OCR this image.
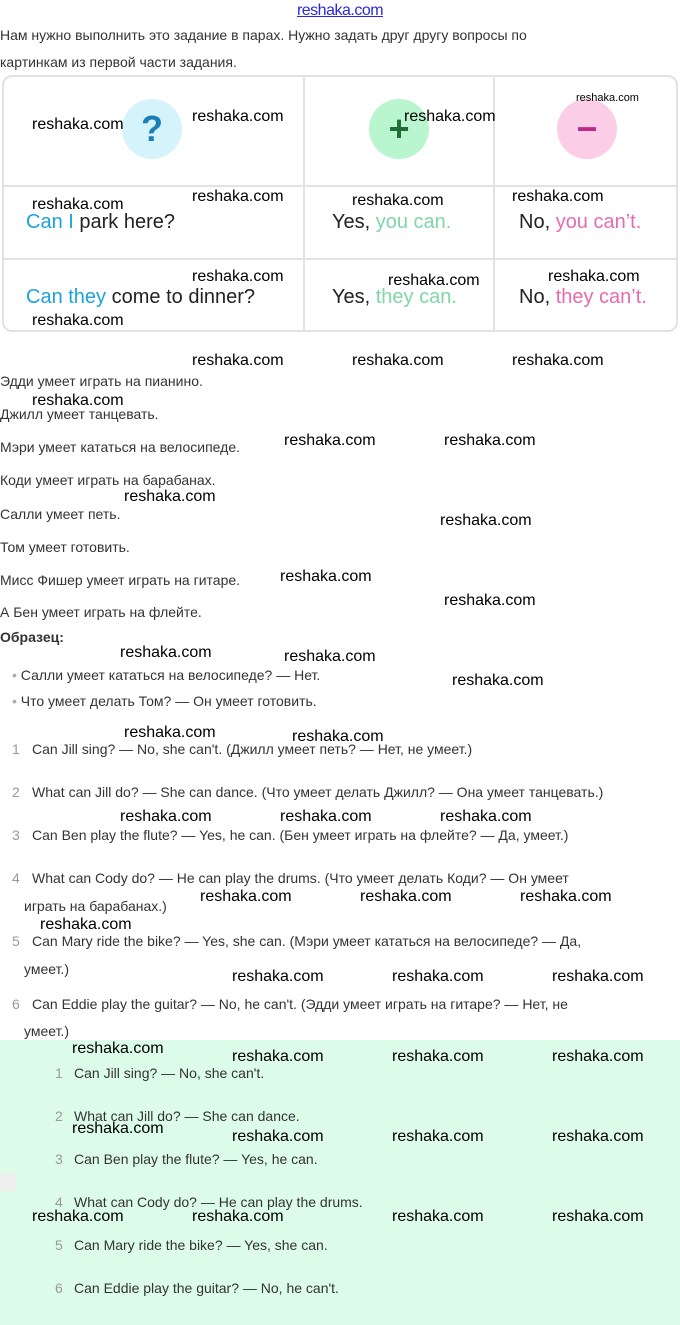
reshaka.com
Нам нужно выполнить это задание в парах. Нужно задать друг другу вопросы по
картинкам из первой части задания.
?	+	−
Can I park here?	Yes, you can.	No, you can’t.
Can they come to dinner?	Yes, they can.	No, they can’t.
Эдди умеет играть на пианино.
Джилл умеет танцевать.
Мэри умеет кататься на велосипеде.
Коди умеет играть на барабанах.
Салли умеет петь.
Том умеет готовить.
Мисс Фишер умеет играть на гитаре.
А Бен умеет играть на флейте.
Образец:
• Салли умеет кататься на велосипеде? — Нет.
• Что умеет делать Том? — Он умеет готовить.
1 Can Jill sing? — No, she can't. (Джилл умеет петь? — Нет, не умеет.)
2 What can Jill do? — She can dance. (Что умеет делать Джилл? — Она умеет танцевать.)
3 Can Ben play the flute? — Yes, he can. (Бен умеет играть на флейте? — Да, умеет.)
4 What can Cody do? — He can play the drums. (Что умеет делать Коди? — Он умеет
играть на барабанах.)
5 Can Mary ride the bike? — Yes, she can. (Мэри умеет кататься на велосипеде? — Да,
умеет.)
6 Can Eddie play the guitar? — No, he can't. (Эдди умеет играть на гитаре? — Нет, не
умеет.)
1 Can Jill sing? — No, she can't.
2 What can Jill do? — She can dance.
3 Can Ben play the flute? — Yes, he can.
4 What can Cody do? — He can play the drums.
5 Can Mary ride the bike? — Yes, she can.
6 Can Eddie play the guitar? — No, he can't.
reshaka.com	reshaka.com	reshaka.com
reshaka.com	reshaka.com	reshaka.com	reshaka.com
reshaka.com	reshaka.com	reshaka.com
reshaka.com
reshaka.com	reshaka.com	reshaka.com
reshaka.com
reshaka.com	reshaka.com
reshaka.com
reshaka.com
reshaka.com
reshaka.com
reshaka.com	reshaka.com
reshaka.com
reshaka.com	reshaka.com
reshaka.com	reshaka.com	reshaka.com
reshaka.com	reshaka.com	reshaka.com
reshaka.com
reshaka.com	reshaka.com	reshaka.com
reshaka.com	reshaka.com	reshaka.com	reshaka.com
reshaka.com	reshaka.com	reshaka.com	reshaka.com
reshaka.com	reshaka.com	reshaka.com	reshaka.com
reshaka.com
